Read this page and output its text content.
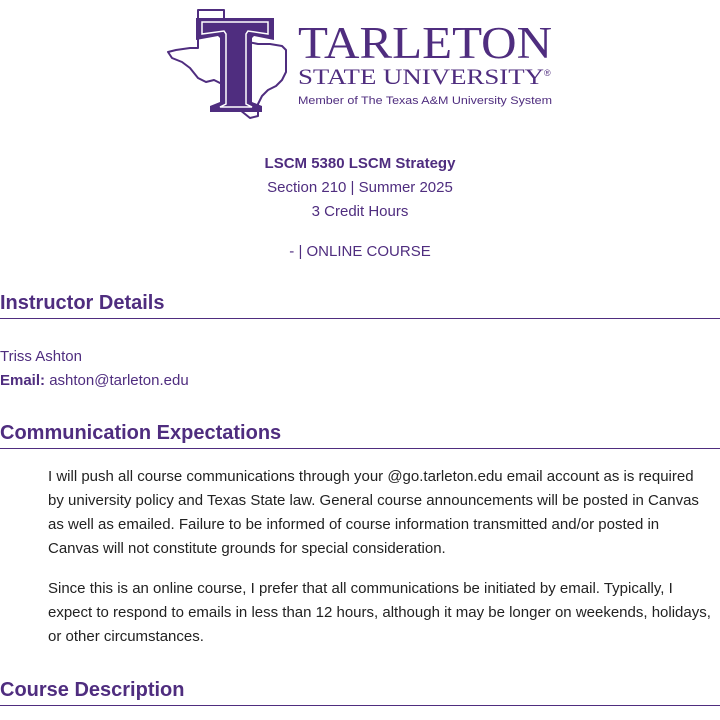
TARLETON
STATE UNIVERSITY ®
Member of The Texas A&M University System
LSCM 5380 LSCM Strategy
Section 210 | Summer 2025
3 Credit Hours
- | ONLINE COURSE
Instructor Details
Triss Ashton
Email: ashton@tarleton.edu
Communication Expectations

I will push all course communications through your @go.tarleton.edu email account as is required by university policy and Texas State law. General course announcements will be posted in Canvas as well as emailed. Failure to be informed of course information transmitted and/or posted in Canvas will not constitute grounds for special consideration.

Since this is an online course, I prefer that all communications be initiated by email. Typically, I expect to respond to emails in less than 12 hours, although it may be longer on weekends, holidays, or other circumstances.

Course Description
